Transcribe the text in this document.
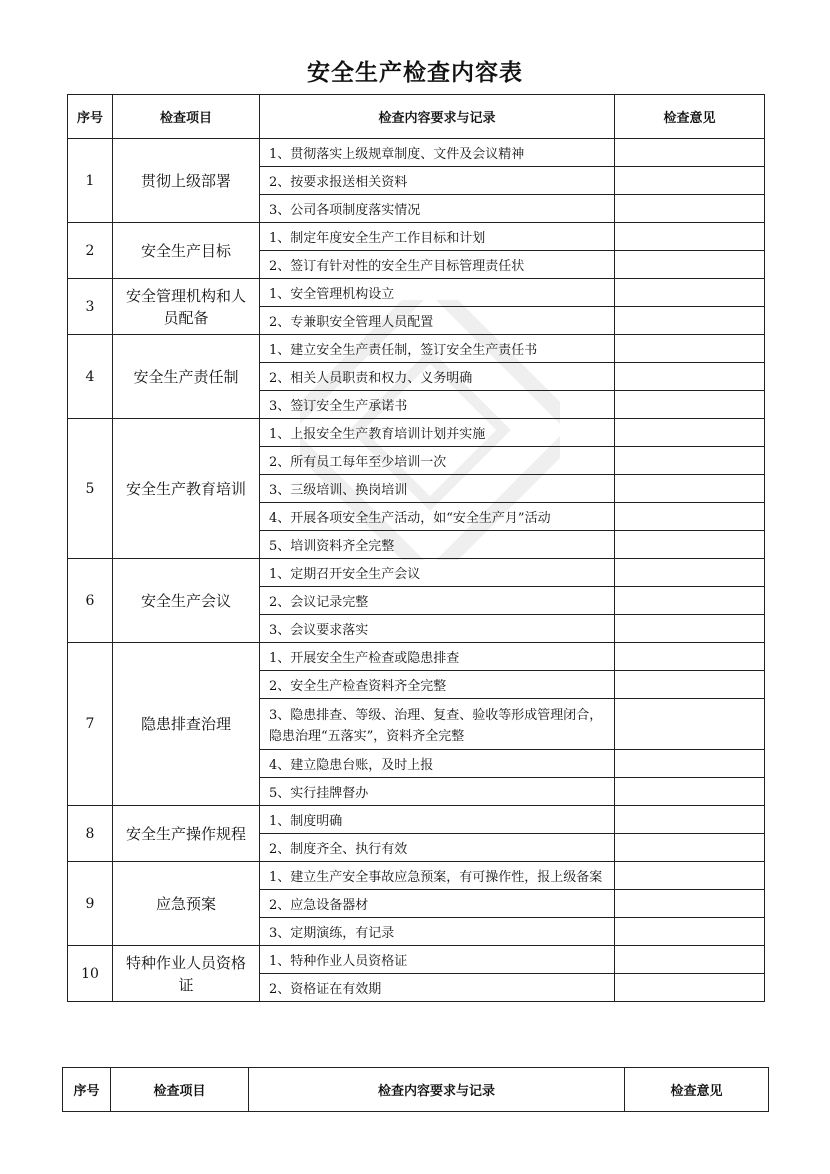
安全生产检查内容表
序号	检查项目	检查内容要求与记录	检查意见
1	贯彻上级部署	1、贯彻落实上级规章制度、文件及会议精神	
		2、按要求报送相关资料	
		3、公司各项制度落实情况	
2	安全生产目标	1、制定年度安全生产工作目标和计划	
		2、签订有针对性的安全生产目标管理责任状	
3	安全管理机构和人员配备	1、安全管理机构设立	
		2、专兼职安全管理人员配置	
4	安全生产责任制	1、建立安全生产责任制，签订安全生产责任书	
		2、相关人员职责和权力、义务明确	
		3、签订安全生产承诺书	
5	安全生产教育培训	1、上报安全生产教育培训计划并实施	
		2、所有员工每年至少培训一次	
		3、三级培训、换岗培训	
		4、开展各项安全生产活动，如“安全生产月”活动	
		5、培训资料齐全完整	
6	安全生产会议	1、定期召开安全生产会议	
		2、会议记录完整	
		3、会议要求落实	
7	隐患排查治理	1、开展安全生产检查或隐患排查	
		2、安全生产检查资料齐全完整	
		3、隐患排查、等级、治理、复查、验收等形成管理闭合，隐患治理“五落实”，资料齐全完整	
		4、建立隐患台账，及时上报	
		5、实行挂牌督办	
8	安全生产操作规程	1、制度明确	
		2、制度齐全、执行有效	
9	应急预案	1、建立生产安全事故应急预案，有可操作性，报上级备案	
		2、应急设备器材	
		3、定期演练，有记录	
10	特种作业人员资格证	1、特种作业人员资格证	
		2、资格证在有效期	
序号	检查项目	检查内容要求与记录	检查意见
